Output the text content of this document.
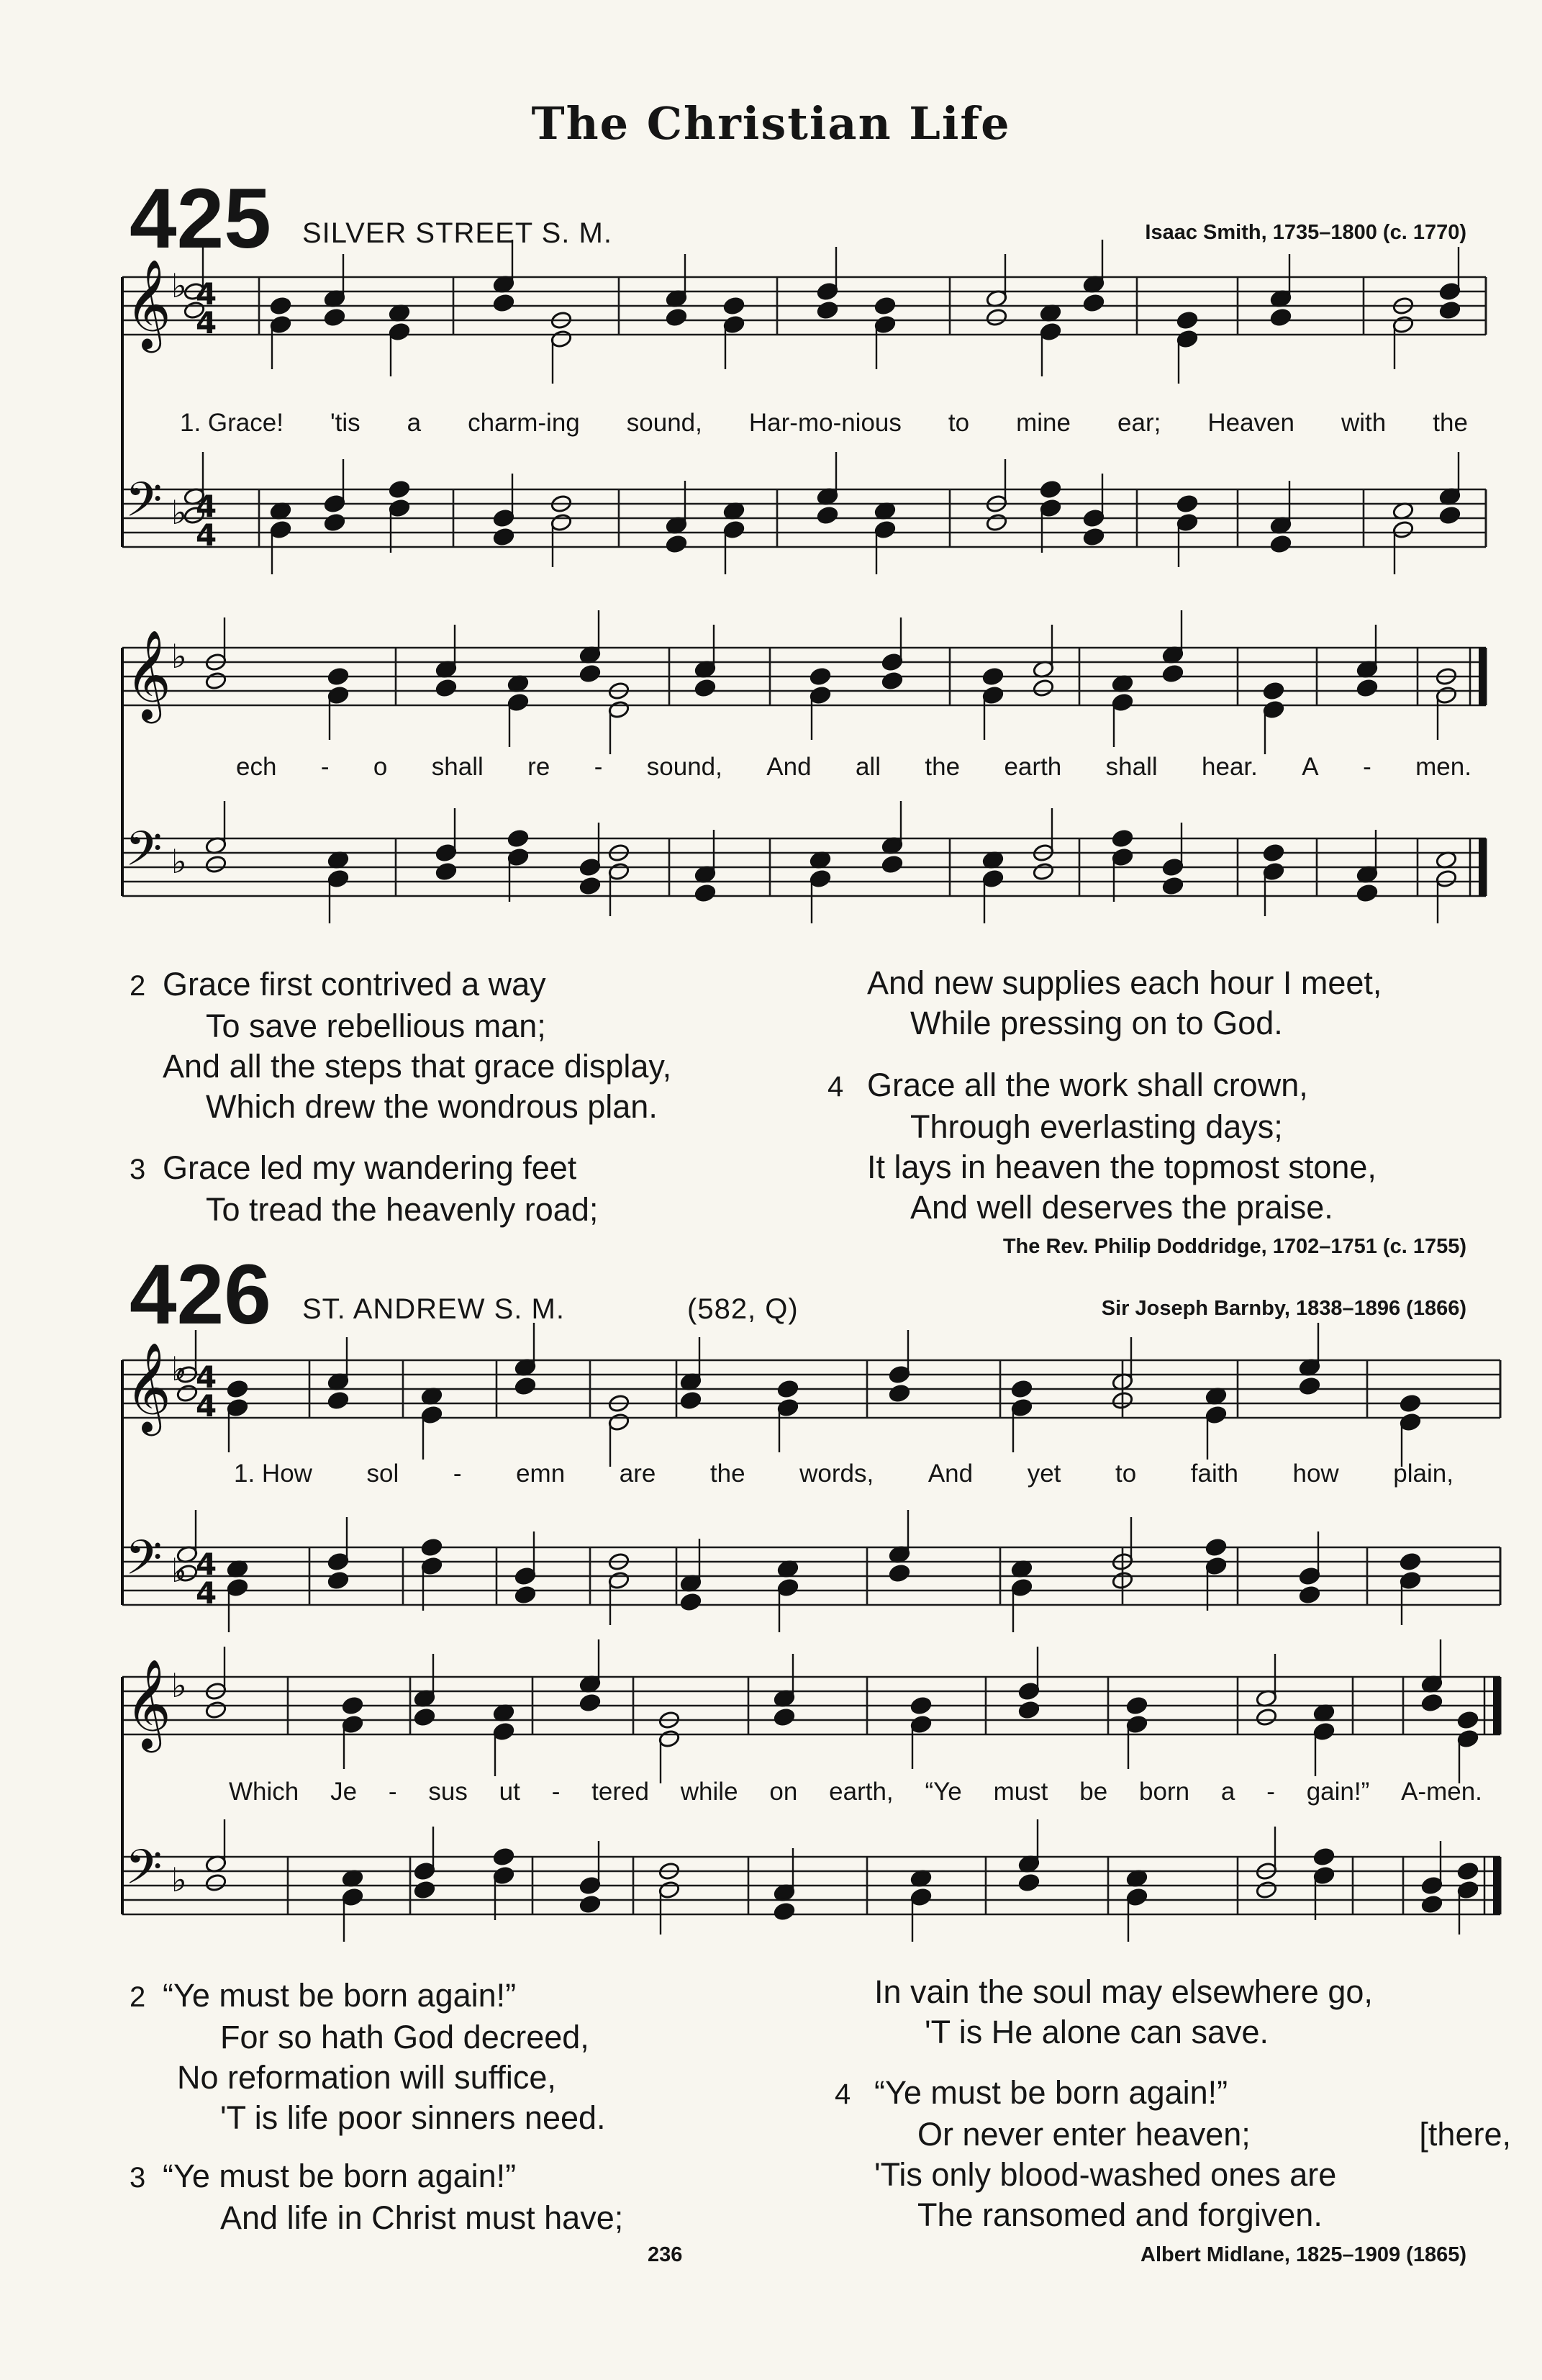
The Christian Life
425 SILVER STREET S. M.	Isaac Smith, 1735–1800 (c. 1770)
426 ST. ANDREW S. M.	(582, Q)	Sir Joseph Barnby, 1838–1896 (1866)
𝄞 ♭ 4
4
𝄢 ♭ 4
4
𝄞 ♭
𝄢 ♭
𝄞 ♭ 4
4
𝄢 ♭ 4
4
𝄞 ♭
𝄢 ♭
1. Grace! 'tis a charm-ing sound, Har-mo-nious to mine ear; Heaven with the
ech - o shall re - sound, And all the earth shall hear. A - men.
1. How sol - emn are the words, And yet to faith how plain,
Which Je - sus ut - tered while on earth, “Ye must be born a - gain!” A-men.
2 Grace first contrived a way
To save rebellious man;
And all the steps that grace display,
Which drew the wondrous plan.
3 Grace led my wandering feet
To tread the heavenly road;
And new supplies each hour I meet,
While pressing on to God.
4 Grace all the work shall crown,
Through everlasting days;
It lays in heaven the topmost stone,
And well deserves the praise.
The Rev. Philip Doddridge, 1702–1751 (c. 1755)
2 “Ye must be born again!”
For so hath God decreed,
No reformation will suffice,
'T is life poor sinners need.
3 “Ye must be born again!”
And life in Christ must have;
In vain the soul may elsewhere go,
'T is He alone can save.
4 “Ye must be born again!”
Or never enter heaven;	[there,
'Tis only blood-washed ones are
The ransomed and forgiven.
236	Albert Midlane, 1825–1909 (1865)
